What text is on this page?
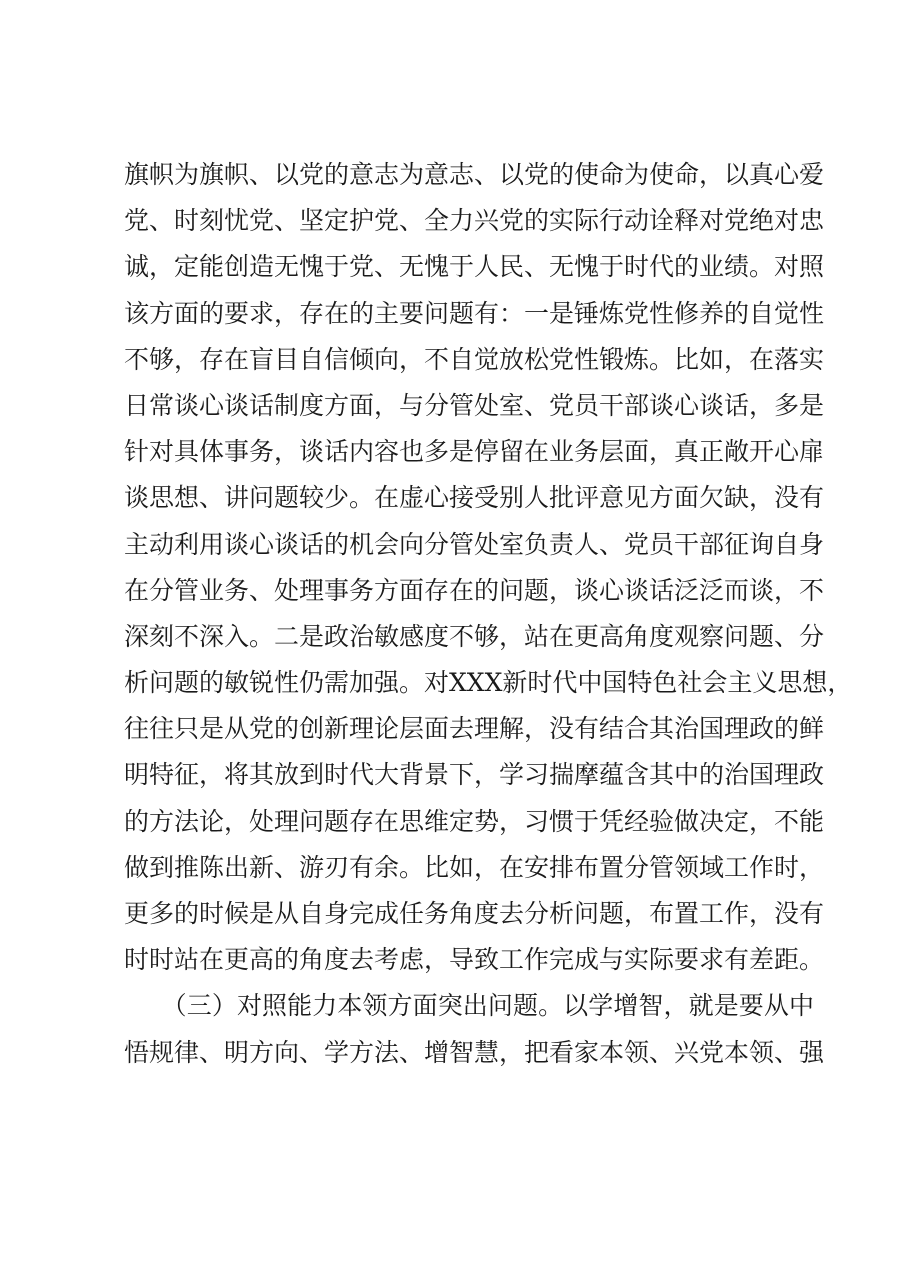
旗帜为旗帜、以党的意志为意志、以党的使命为使命，以真心爱
党、时刻忧党、坚定护党、全力兴党的实际行动诠释对党绝对忠
诚，定能创造无愧于党、无愧于人民、无愧于时代的业绩。对照
该方面的要求，存在的主要问题有：一是锤炼党性修养的自觉性
不够，存在盲目自信倾向，不自觉放松党性锻炼。比如，在落实
日常谈心谈话制度方面，与分管处室、党员干部谈心谈话，多是
针对具体事务，谈话内容也多是停留在业务层面，真正敞开心扉
谈思想、讲问题较少。在虚心接受别人批评意见方面欠缺，没有
主动利用谈心谈话的机会向分管处室负责人、党员干部征询自身
在分管业务、处理事务方面存在的问题，谈心谈话泛泛而谈，不
深刻不深入。二是政治敏感度不够，站在更高角度观察问题、分
析问题的敏锐性仍需加强。对XXX新时代中国特色社会主义思想，
往往只是从党的创新理论层面去理解，没有结合其治国理政的鲜
明特征，将其放到时代大背景下，学习揣摩蕴含其中的治国理政
的方法论，处理问题存在思维定势，习惯于凭经验做决定，不能
做到推陈出新、游刃有余。比如，在安排布置分管领域工作时，
更多的时候是从自身完成任务角度去分析问题，布置工作，没有
时时站在更高的角度去考虑，导致工作完成与实际要求有差距。
　　（三）对照能力本领方面突出问题。以学增智，就是要从中
悟规律、明方向、学方法、增智慧，把看家本领、兴党本领、强
